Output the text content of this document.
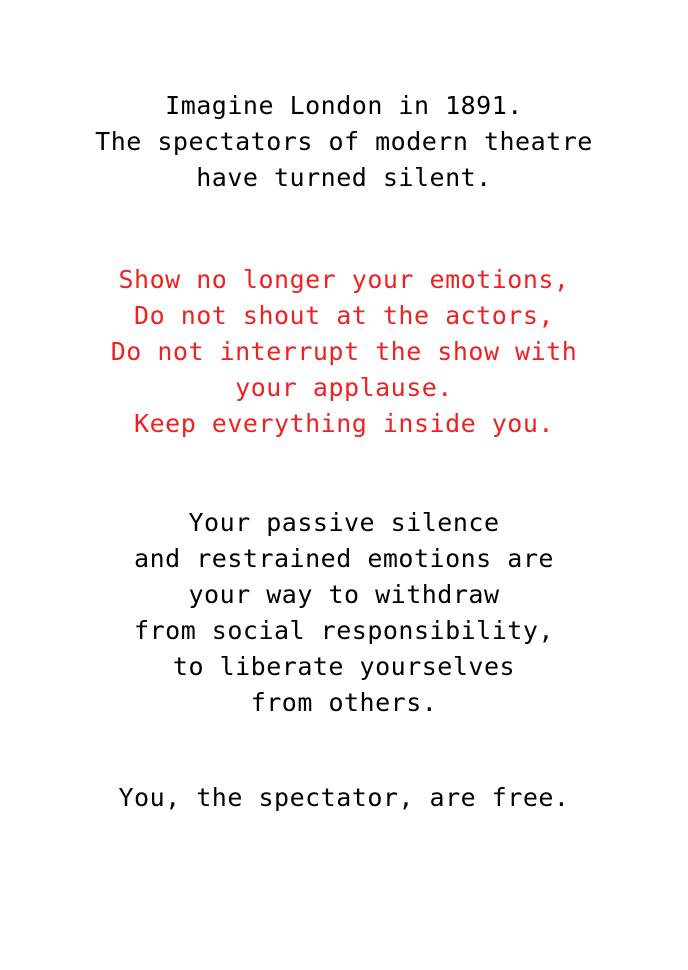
Imagine London in 1891.
The spectators of modern theatre
have turned silent.
Show no longer your emotions,
Do not shout at the actors,
Do not interrupt the show with
your applause.
Keep everything inside you.
Your passive silence
and restrained emotions are
your way to withdraw
from social responsibility,
to liberate yourselves
from others.
You, the spectator, are free.
